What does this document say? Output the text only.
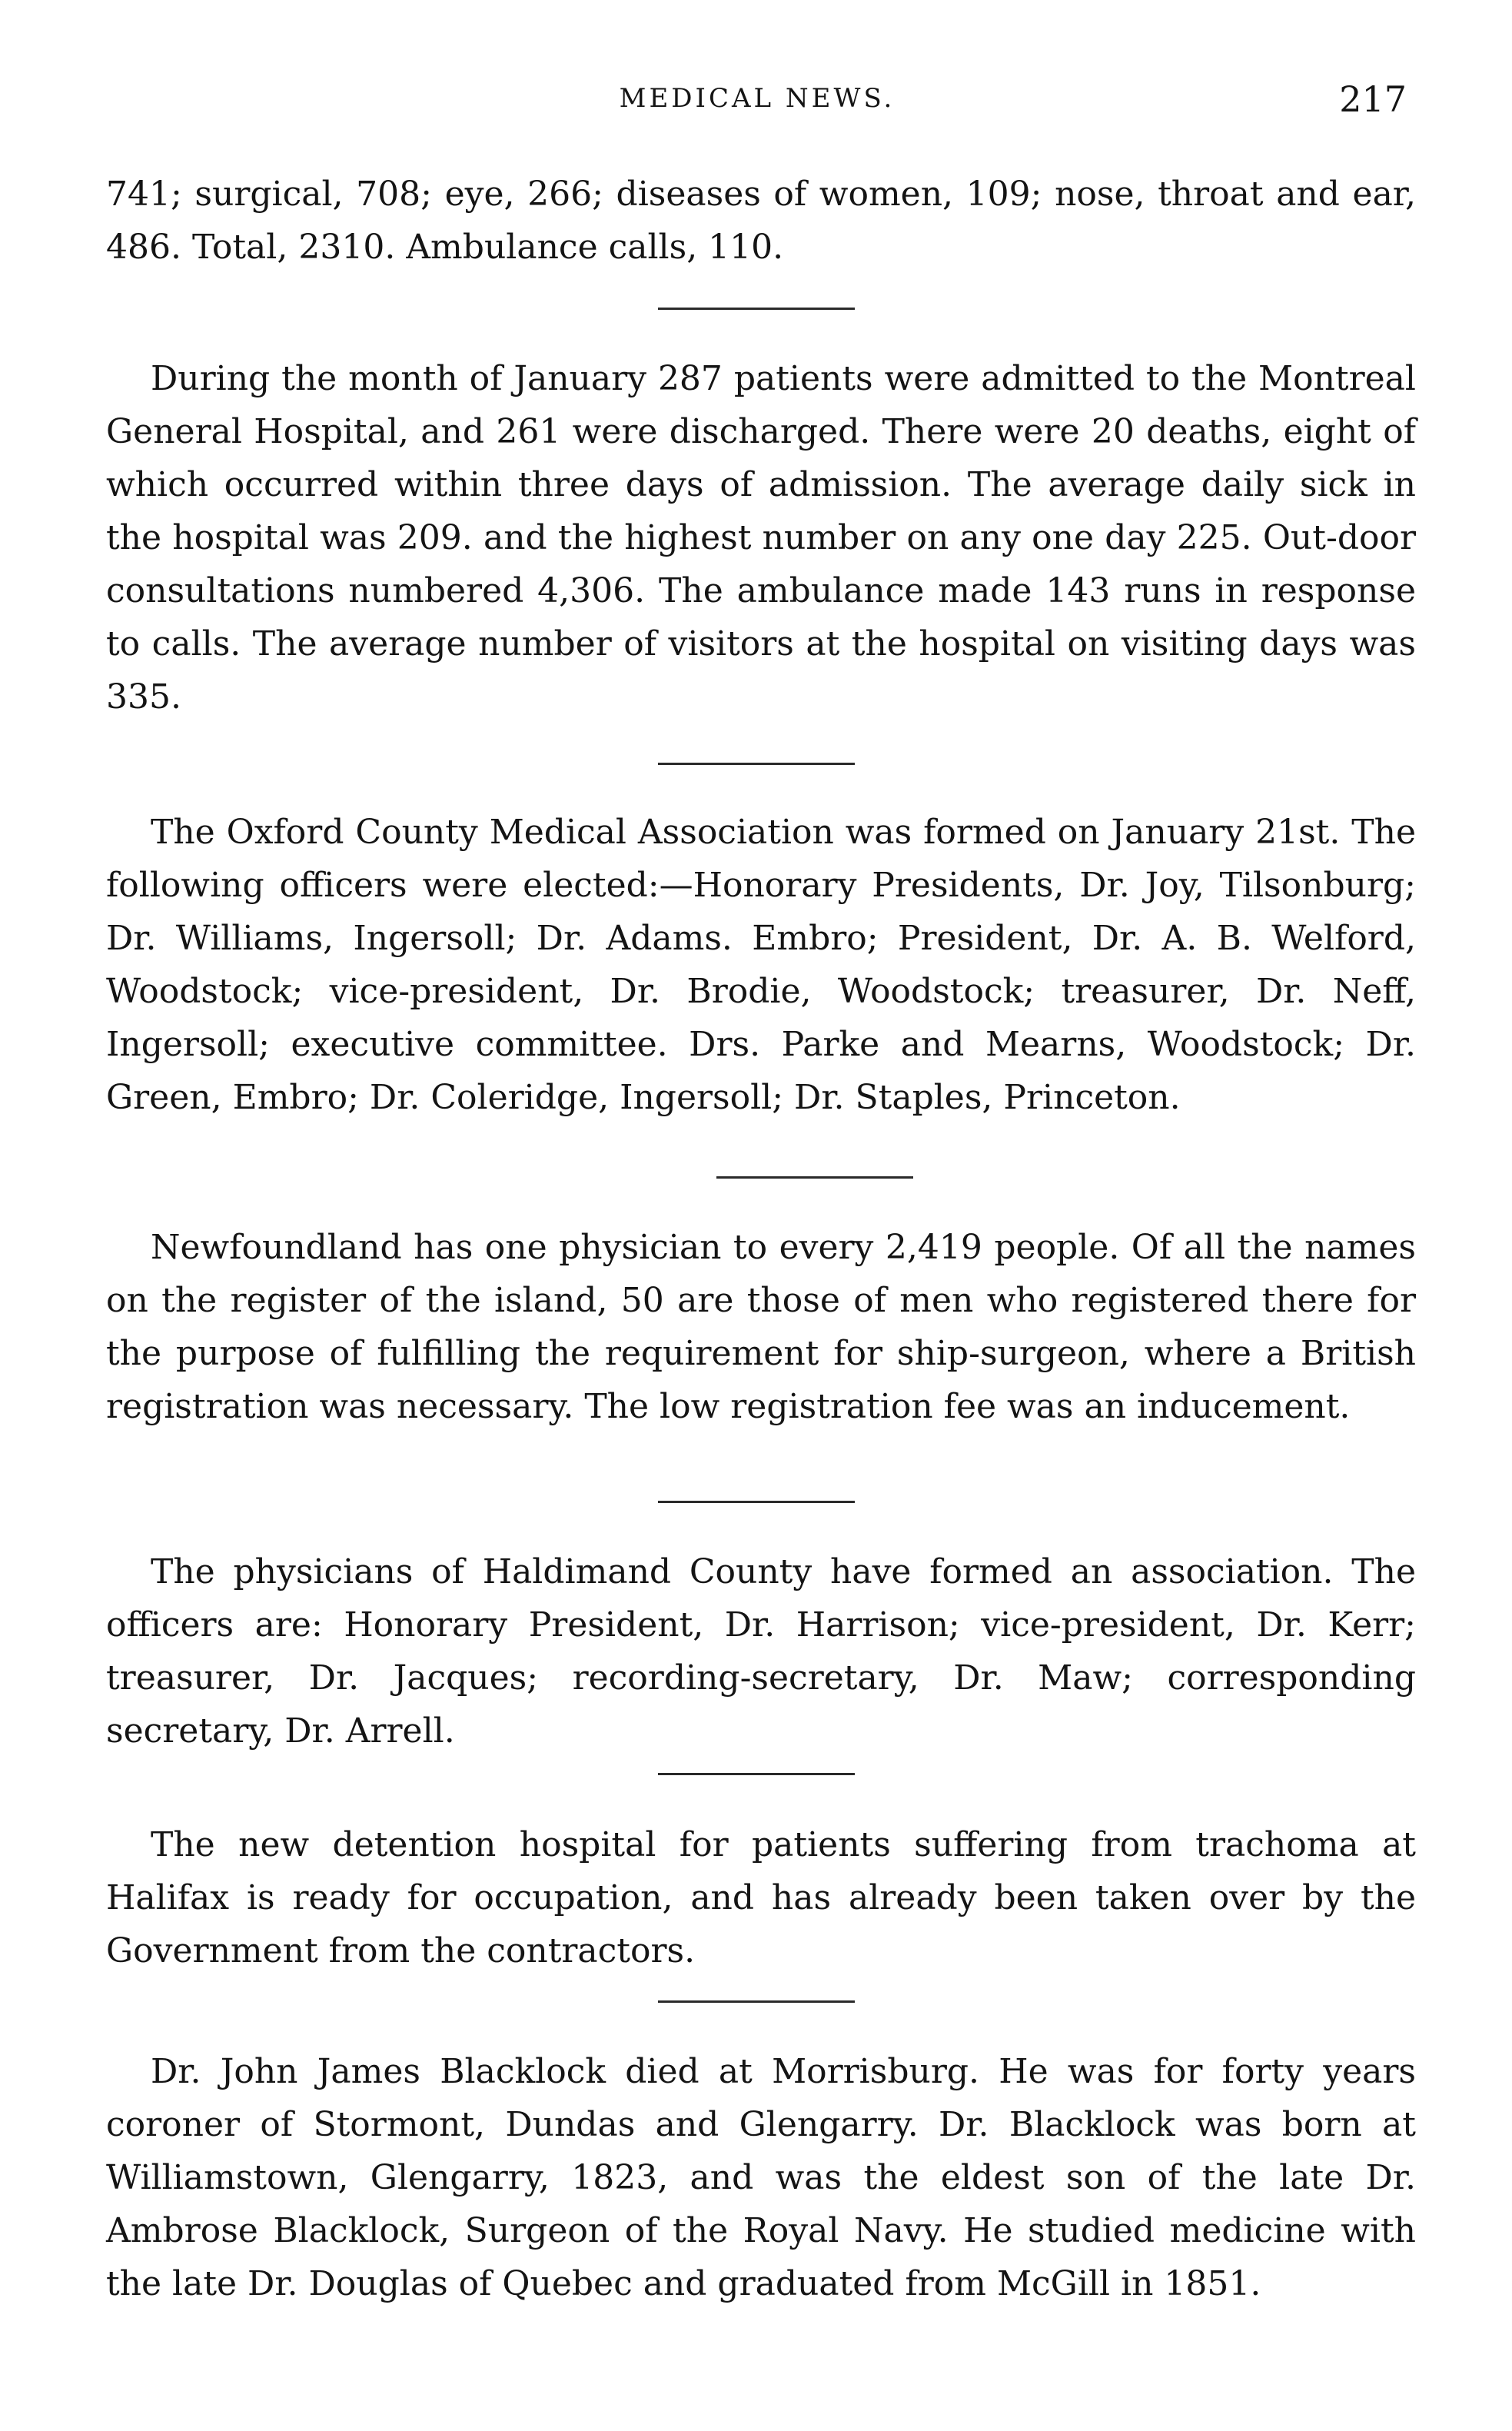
MEDICAL NEWS.	217

741; surgical, 708; eye, 266; diseases of women, 109; nose, throat and ear, 486. Total, 2310. Ambulance calls, 110.

During the month of January 287 patients were admitted to the Montreal General Hospital, and 261 were discharged. There were 20 deaths, eight of which occurred within three days of admission. The average daily sick in the hospital was 209. and the highest number on any one day 225. Out-door consultations numbered 4,306. The ambulance made 143 runs in response to calls. The average number of visitors at the hospital on visiting days was 335.

The Oxford County Medical Association was formed on January 21st. The following officers were elected:—Honorary Presidents, Dr. Joy, Tilsonburg; Dr. Williams, Ingersoll; Dr. Adams. Embro; President, Dr. A. B. Welford, Woodstock; vice-president, Dr. Brodie, Woodstock; treasurer, Dr. Neff, Ingersoll; executive committee. Drs. Parke and Mearns, Woodstock; Dr. Green, Embro; Dr. Coleridge, Ingersoll; Dr. Staples, Princeton.

Newfoundland has one physician to every 2,419 people. Of all the names on the register of the island, 50 are those of men who registered there for the purpose of fulfilling the requirement for ship-surgeon, where a British registration was necessary. The low registration fee was an inducement.

The physicians of Haldimand County have formed an association. The officers are: Honorary President, Dr. Harrison; vice-president, Dr. Kerr; treasurer, Dr. Jacques; recording-secretary, Dr. Maw; corresponding secretary, Dr. Arrell.

The new detention hospital for patients suffering from trachoma at Halifax is ready for occupation, and has already been taken over by the Government from the contractors.

Dr. John James Blacklock died at Morrisburg. He was for forty years coroner of Stormont, Dundas and Glengarry. Dr. Blacklock was born at Williamstown, Glengarry, 1823, and was the eldest son of the late Dr. Ambrose Blacklock, Surgeon of the Royal Navy. He studied medicine with the late Dr. Douglas of Quebec and graduated from McGill in 1851.
